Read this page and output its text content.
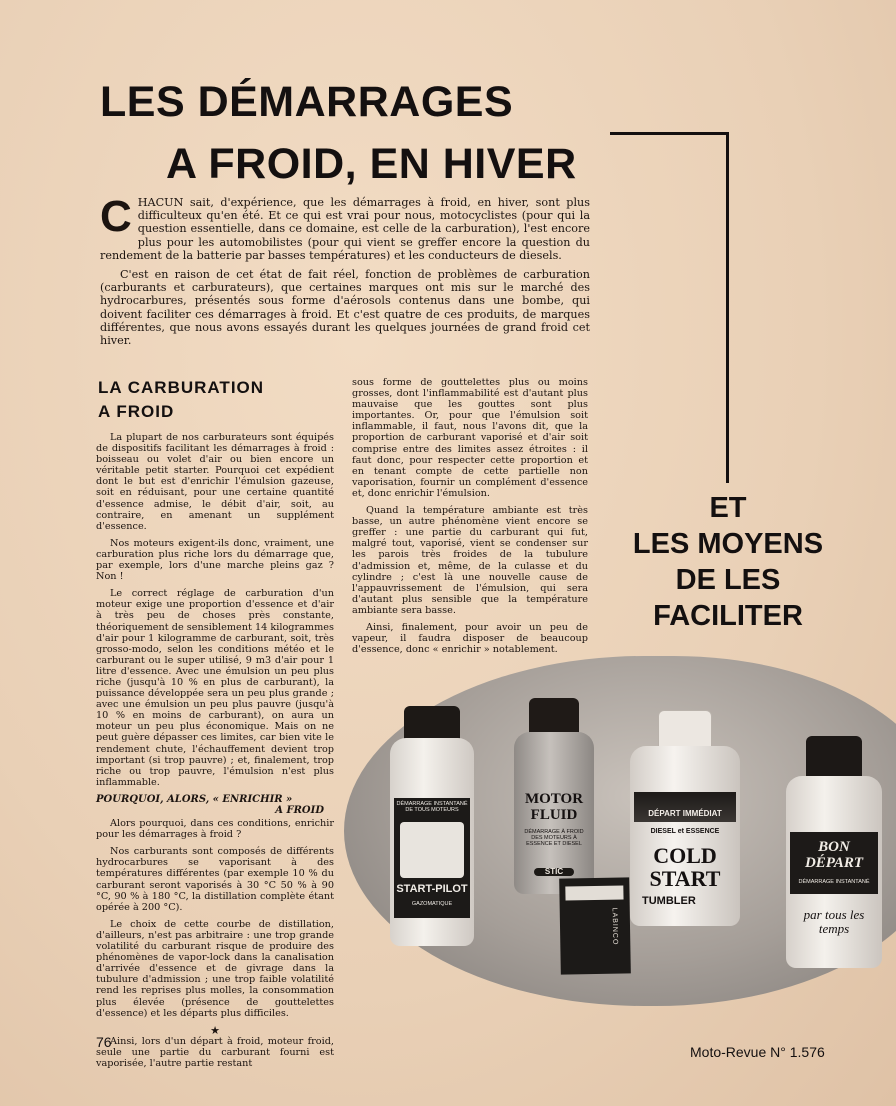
LES DÉMARRAGES
A FROID, EN HIVER
ET
LES MOYENS
DE LES
FACILITER

CHACUN sait, d'expérience, que les démarrages à froid, en hiver, sont plus difficulteux qu'en été. Et ce qui est vrai pour nous, motocyclistes (pour qui la question essentielle, dans ce domaine, est celle de la carburation), l'est encore plus pour les automobilistes (pour qui vient se greffer encore la question du rendement de la batterie par basses températures) et les conducteurs de diesels.

C'est en raison de cet état de fait réel, fonction de problèmes de carburation (carburants et carburateurs), que certaines marques ont mis sur le marché des hydrocarbures, présentés sous forme d'aérosols contenus dans une bombe, qui doivent faciliter ces démarrages à froid. Et c'est quatre de ces produits, de marques différentes, que nous avons essayés durant les quelques journées de grand froid cet hiver.

LA CARBURATION
A FROID

La plupart de nos carburateurs sont équipés de dispositifs facilitant les démarrages à froid : boisseau ou volet d'air ou bien encore un véritable petit starter. Pourquoi cet expédient dont le but est d'enrichir l'émulsion gazeuse, soit en réduisant, pour une certaine quantité d'essence admise, le débit d'air, soit, au contraire, en amenant un supplément d'essence.

Nos moteurs exigent-ils donc, vraiment, une carburation plus riche lors du démarrage que, par exemple, lors d'une marche pleins gaz ? Non !

Le correct réglage de carburation d'un moteur exige une proportion d'essence et d'air à très peu de choses près constante, théoriquement de sensiblement 14 kilogrammes d'air pour 1 kilogramme de carburant, soit, très grosso-modo, selon les conditions météo et le carburant ou le super utilisé, 9 m3 d'air pour 1 litre d'essence. Avec une émulsion un peu plus riche (jusqu'à 10 % en plus de carburant), la puissance développée sera un peu plus grande ; avec une émulsion un peu plus pauvre (jusqu'à 10 % en moins de carburant), on aura un moteur un peu plus économique. Mais on ne peut guère dépasser ces limites, car bien vite le rendement chute, l'échauffement devient trop important (si trop pauvre) ; et, finalement, trop riche ou trop pauvre, l'émulsion n'est plus inflammable.

POURQUOI, ALORS, « ENRICHIR »
A FROID

Alors pourquoi, dans ces conditions, enrichir pour les démarrages à froid ?

Nos carburants sont composés de différents hydrocarbures se vaporisant à des températures différentes (par exemple 10 % du carburant seront vaporisés à 30 °C 50 % à 90 °C, 90 % à 180 °C, la distillation complète étant opérée à 200 °C).

Le choix de cette courbe de distillation, d'ailleurs, n'est pas arbitraire : une trop grande volatilité du carburant risque de produire des phénomènes de vapor-lock dans la canalisation d'arrivée d'essence et de givrage dans la tubulure d'admission ; une trop faible volatilité rend les reprises plus molles, la consommation plus élevée (présence de gouttelettes d'essence) et les départs plus difficiles.

★

Ainsi, lors d'un départ à froid, moteur froid, seule une partie du carburant fourni est vaporisée, l'autre partie restant

sous forme de gouttelettes plus ou moins grosses, dont l'inflammabilité est d'autant plus mauvaise que les gouttes sont plus importantes. Or, pour que l'émulsion soit inflammable, il faut, nous l'avons dit, que la proportion de carburant vaporisé et d'air soit comprise entre des limites assez étroites : il faut donc, pour respecter cette proportion et en tenant compte de cette partielle non vaporisation, fournir un complément d'essence et, donc enrichir l'émulsion.

Quand la température ambiante est très basse, un autre phénomène vient encore se greffer : une partie du carburant qui fut, malgré tout, vaporisé, vient se condenser sur les parois très froides de la tubulure d'admission et, même, de la culasse et du cylindre ; c'est là une nouvelle cause de l'appauvrissement de l'émulsion, qui sera d'autant plus sensible que la température ambiante sera basse.

Ainsi, finalement, pour avoir un peu de vapeur, il faudra disposer de beaucoup d'essence, donc « enrichir » notablement.

DÉMARRAGE INSTANTANÉ DE TOUS MOTEURS
START-PILOT
GAZOMATIQUE
MOTOR FLUID
DÉMARRAGE À FROID DES MOTEURS À ESSENCE ET DIESEL
STIC
LABINCO
DÉPART IMMÉDIAT
DIESEL et ESSENCE
COLD START
TUMBLER
BON DÉPART
DÉMARRAGE INSTANTANÉ
par tous les temps
76
Moto-Revue N° 1.576
